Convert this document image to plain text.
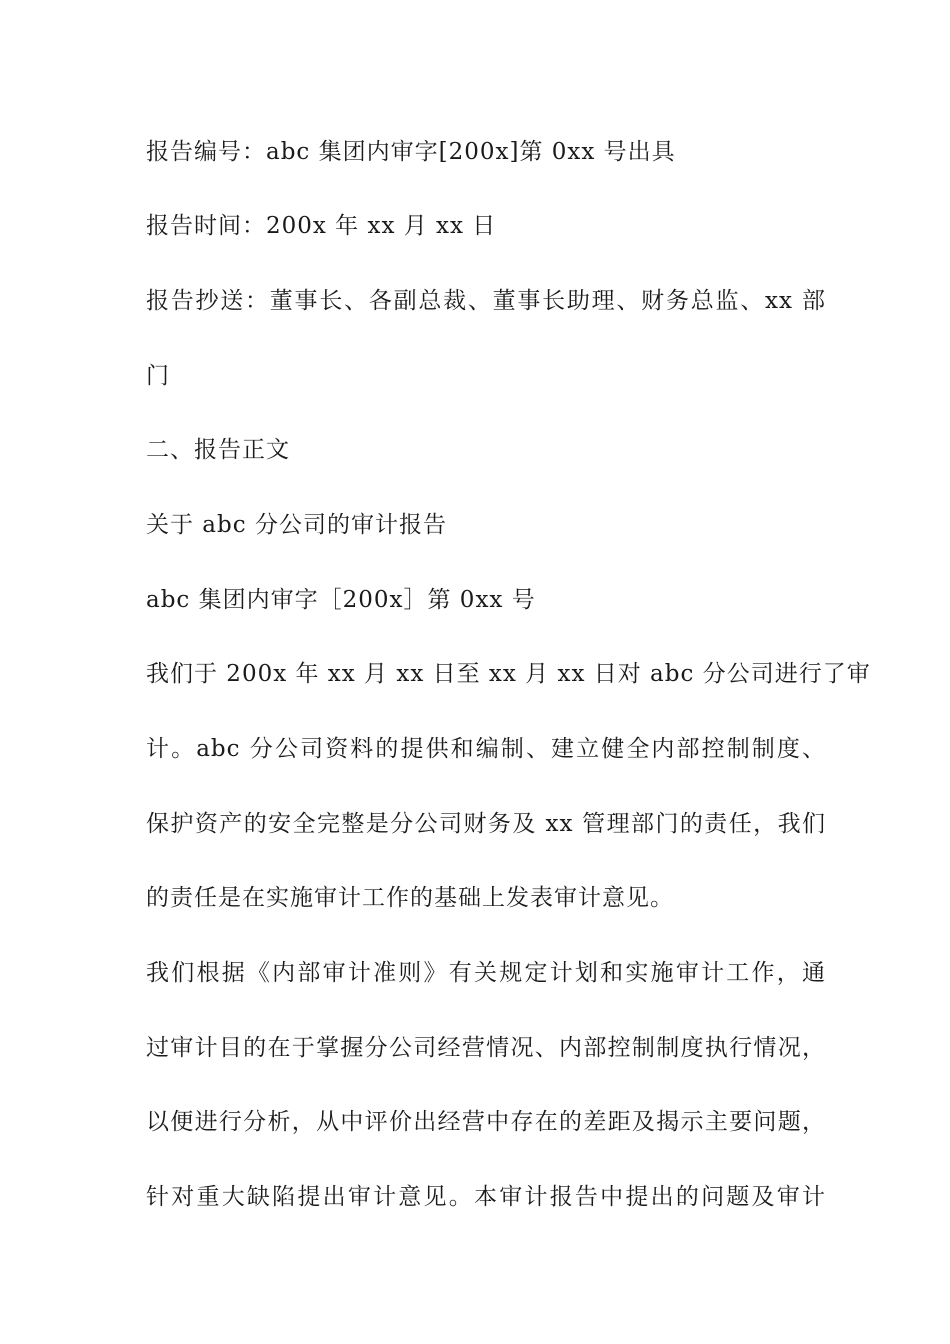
报告编号：abc 集团内审字[200x]第 0xx 号出具
报告时间：200x 年 xx 月 xx 日
报告抄送：董事长、各副总裁、董事长助理、财务总监、xx 部
门
二、报告正文
关于 abc 分公司的审计报告
abc 集团内审字［200x］第 0xx 号
我们于 200x 年 xx 月 xx 日至 xx 月 xx 日对 abc 分公司进行了审
计。abc 分公司资料的提供和编制、建立健全内部控制制度、
保护资产的安全完整是分公司财务及 xx 管理部门的责任，我们
的责任是在实施审计工作的基础上发表审计意见。
我们根据《内部审计准则》有关规定计划和实施审计工作，通
过审计目的在于掌握分公司经营情况、内部控制制度执行情况，
以便进行分析，从中评价出经营中存在的差距及揭示主要问题，
针对重大缺陷提出审计意见。本审计报告中提出的问题及审计
